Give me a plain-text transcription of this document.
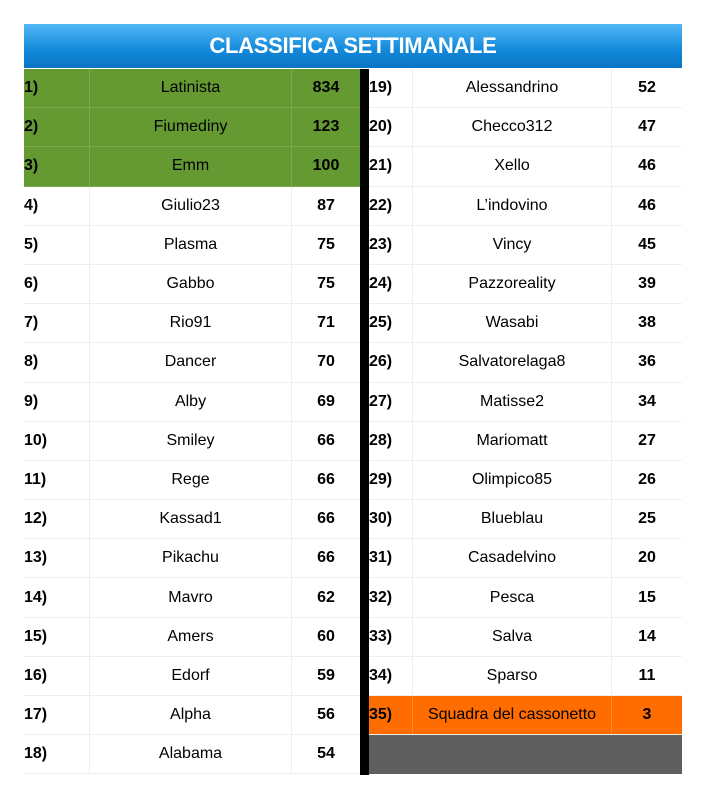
CLASSIFICA SETTIMANALE
1)	Latinista	834
2)	Fiumediny	123
3)	Emm	100
4)	Giulio23	87
5)	Plasma	75
6)	Gabbo	75
7)	Rio91	71
8)	Dancer	70
9)	Alby	69
10)	Smiley	66
11)	Rege	66
12)	Kassad1	66
13)	Pikachu	66
14)	Mavro	62
15)	Amers	60
16)	Edorf	59
17)	Alpha	56
18)	Alabama	54
19)	Alessandrino	52
20)	Checco312	47
21)	Xello	46
22)	L’indovino	46
23)	Vincy	45
24)	Pazzoreality	39
25)	Wasabi	38
26)	Salvatorelaga8	36
27)	Matisse2	34
28)	Mariomatt	27
29)	Olimpico85	26
30)	Blueblau	25
31)	Casadelvino	20
32)	Pesca	15
33)	Salva	14
34)	Sparso	11
35)	Squadra del cassonetto	3
